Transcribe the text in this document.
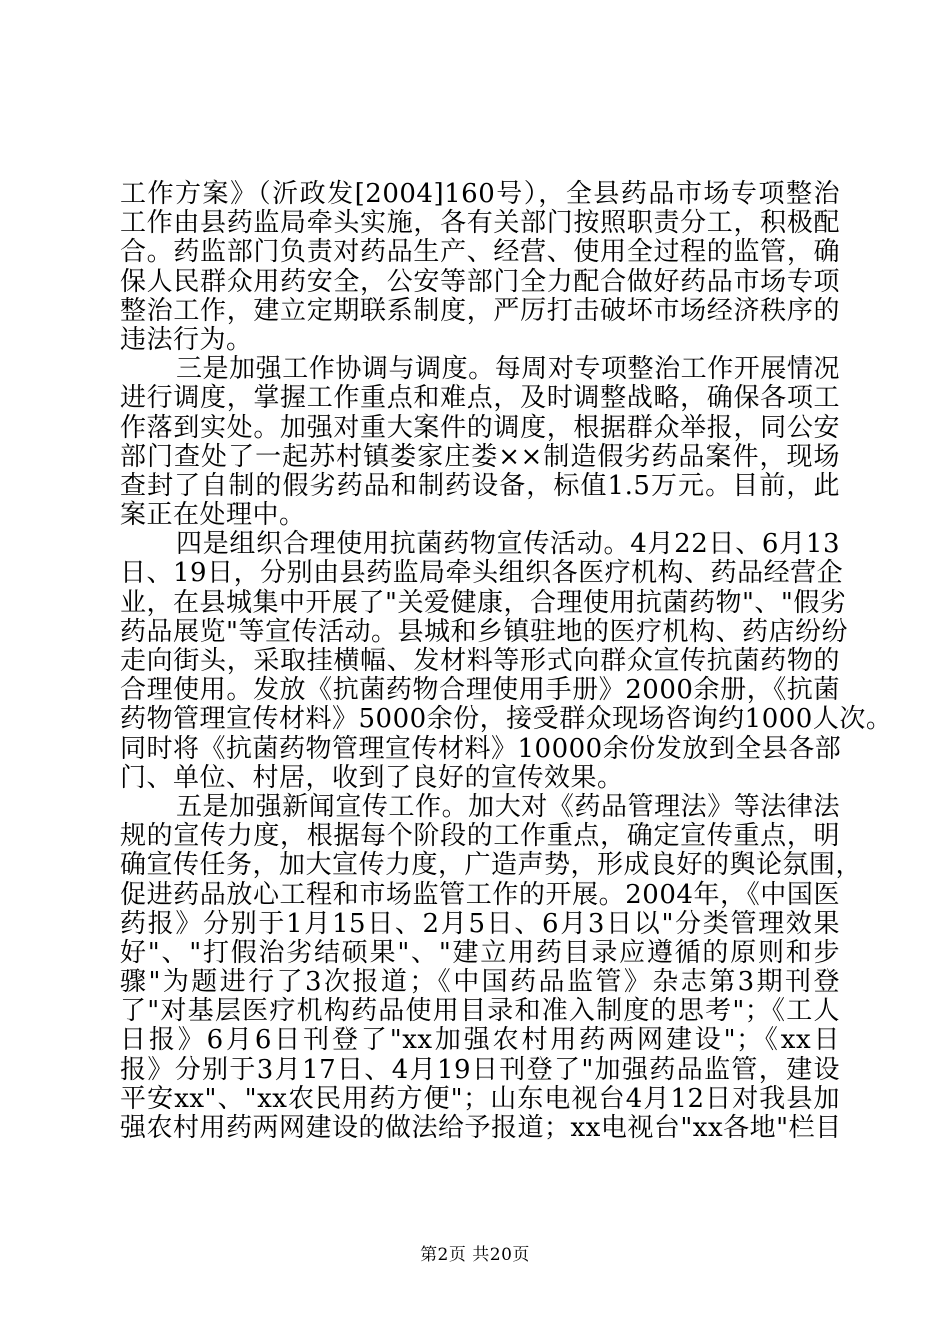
工作方案》（沂政发[2004]160号），全县药品市场专项整治
工作由县药监局牵头实施，各有关部门按照职责分工，积极配
合。药监部门负责对药品生产、经营、使用全过程的监管，确
保人民群众用药安全，公安等部门全力配合做好药品市场专项
整治工作，建立定期联系制度，严厉打击破坏市场经济秩序的
违法行为。
三是加强工作协调与调度。每周对专项整治工作开展情况
进行调度，掌握工作重点和难点，及时调整战略，确保各项工
作落到实处。加强对重大案件的调度，根据群众举报，同公安
部门查处了一起苏村镇娄家庄娄××制造假劣药品案件，现场
查封了自制的假劣药品和制药设备，标值1.5万元。目前，此
案正在处理中。
四是组织合理使用抗菌药物宣传活动。4月22日、6月13
日、19日，分别由县药监局牵头组织各医疗机构、药品经营企
业，在县城集中开展了"关爱健康，合理使用抗菌药物"、"假劣
药品展览"等宣传活动。县城和乡镇驻地的医疗机构、药店纷纷
走向街头，采取挂横幅、发材料等形式向群众宣传抗菌药物的
合理使用。发放《抗菌药物合理使用手册》2000余册，《抗菌
药物管理宣传材料》5000余份，接受群众现场咨询约1000人次。
同时将《抗菌药物管理宣传材料》10000余份发放到全县各部
门、单位、村居，收到了良好的宣传效果。
五是加强新闻宣传工作。加大对《药品管理法》等法律法
规的宣传力度，根据每个阶段的工作重点，确定宣传重点，明
确宣传任务，加大宣传力度，广造声势，形成良好的舆论氛围，
促进药品放心工程和市场监管工作的开展。2004年，《中国医
药报》分别于1月15日、2月5日、6月3日以"分类管理效果
好"、"打假治劣结硕果"、"建立用药目录应遵循的原则和步
骤"为题进行了3次报道；《中国药品监管》杂志第3期刊登
了"对基层医疗机构药品使用目录和准入制度的思考"；《工人
日报》6月6日刊登了"xx加强农村用药两网建设"；《xx日
报》分别于3月17日、4月19日刊登了"加强药品监管，建设
平安xx"、"xx农民用药方便"；山东电视台4月12日对我县加
强农村用药两网建设的做法给予报道；xx电视台"xx各地"栏目
第2页 共20页
